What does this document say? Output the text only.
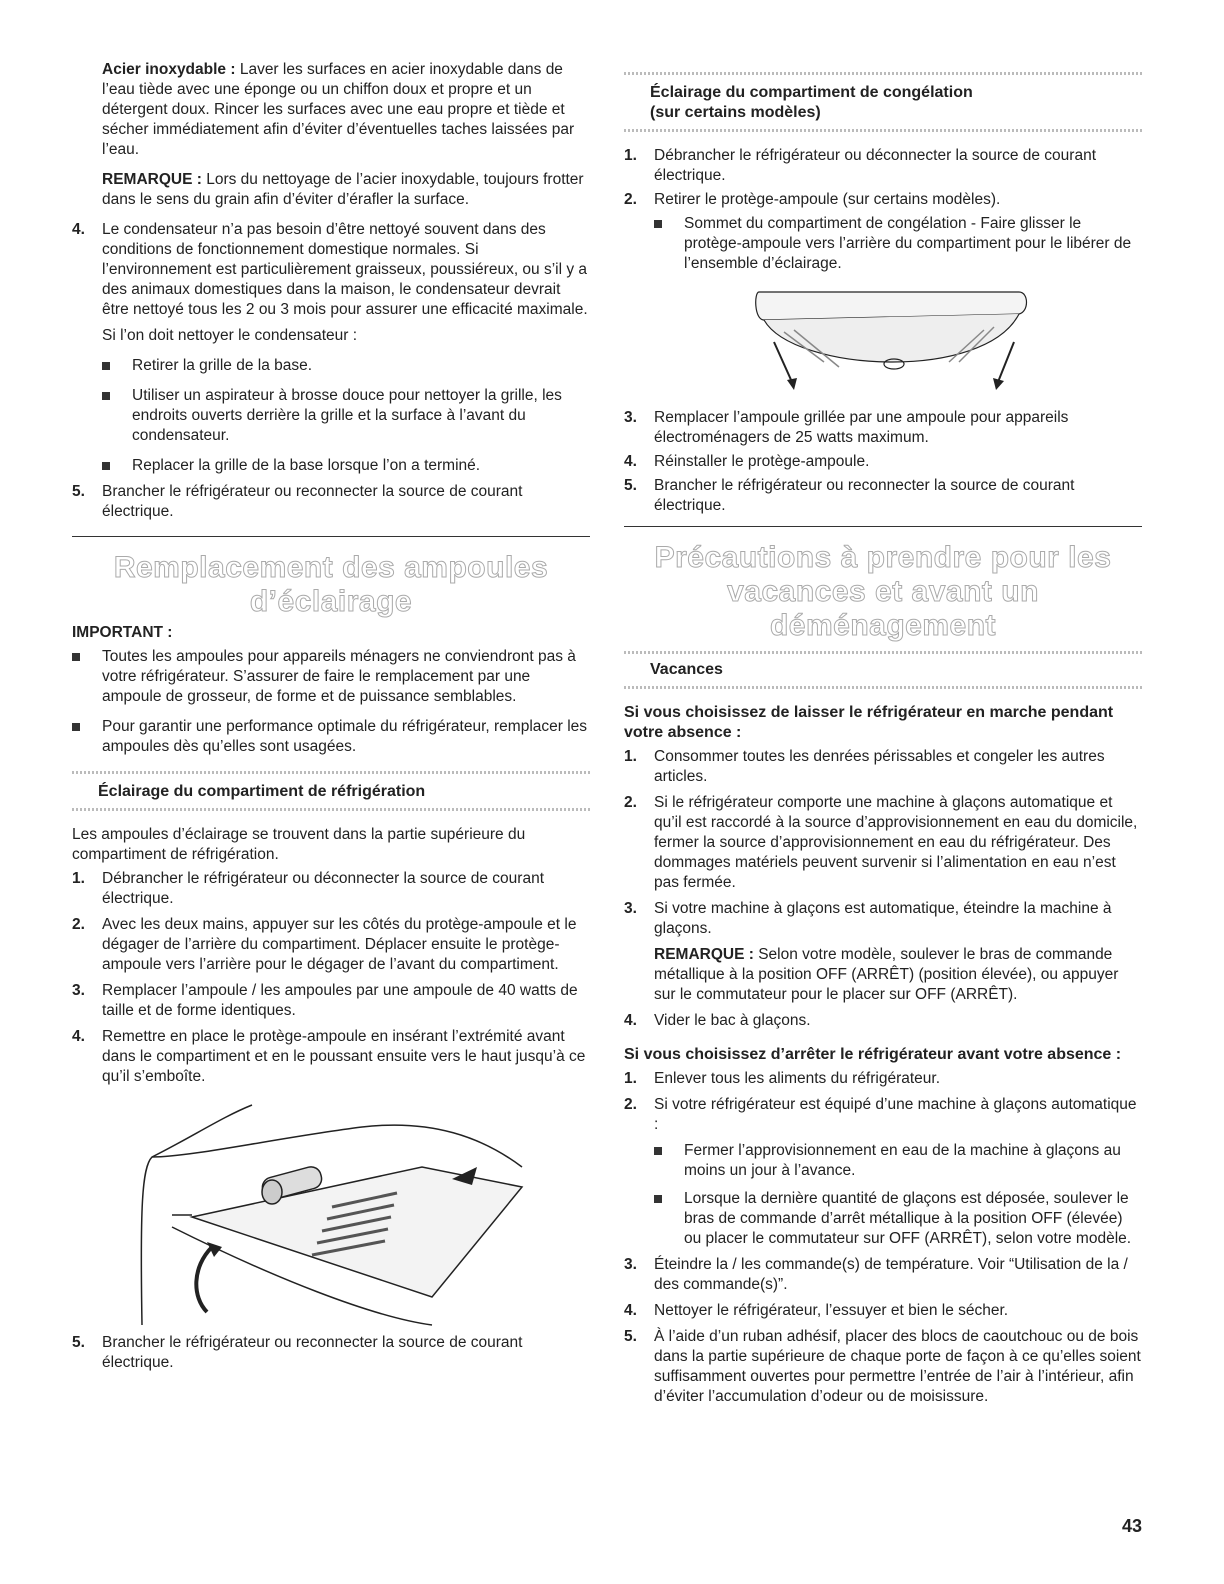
Acier inoxydable : Laver les surfaces en acier inoxydable dans de l’eau tiède avec une éponge ou un chiffon doux et propre et un détergent doux. Rincer les surfaces avec une eau propre et tiède et sécher immédiatement afin d’éviter d’éventuelles taches laissées par l’eau.

REMARQUE : Lors du nettoyage de l’acier inoxydable, toujours frotter dans le sens du grain afin d’éviter d’érafler la surface.

4. Le condensateur n’a pas besoin d’être nettoyé souvent dans des conditions de fonctionnement domestique normales. Si l’environnement est particulièrement graisseux, poussiéreux, ou s’il y a des animaux domestiques dans la maison, le condensateur devrait être nettoyé tous les 2 ou 3 mois pour assurer une efficacité maximale.

Si l’on doit nettoyer le condensateur :

Retirer la grille de la base.
Utiliser un aspirateur à brosse douce pour nettoyer la grille, les endroits ouverts derrière la grille et la surface à l’avant du condensateur.
Replacer la grille de la base lorsque l’on a terminé.
5. Brancher le réfrigérateur ou reconnecter la source de courant électrique.
Remplacement des ampoules d’éclairage

IMPORTANT :

Toutes les ampoules pour appareils ménagers ne conviendront pas à votre réfrigérateur. S’assurer de faire le remplacement par une ampoule de grosseur, de forme et de puissance semblables.
Pour garantir une performance optimale du réfrigérateur, remplacer les ampoules dès qu’elles sont usagées.

Éclairage du compartiment de réfrigération

Les ampoules d’éclairage se trouvent dans la partie supérieure du compartiment de réfrigération.

1. Débrancher le réfrigérateur ou déconnecter la source de courant électrique.
2. Avec les deux mains, appuyer sur les côtés du protège-ampoule et le dégager de l’arrière du compartiment. Déplacer ensuite le protège-ampoule vers l’arrière pour le dégager de l’avant du compartiment.
3. Remplacer l’ampoule / les ampoules par une ampoule de 40 watts de taille et de forme identiques.
4. Remettre en place le protège-ampoule en insérant l’extrémité avant dans le compartiment et en le poussant ensuite vers le haut jusqu’à ce qu’il s’emboîte.
5. Brancher le réfrigérateur ou reconnecter la source de courant électrique.

Éclairage du compartiment de congélation

(sur certains modèles)

1. Débrancher le réfrigérateur ou déconnecter la source de courant électrique.
2. Retirer le protège-ampoule (sur certains modèles).
Sommet du compartiment de congélation - Faire glisser le protège-ampoule vers l’arrière du compartiment pour le libérer de l’ensemble d’éclairage.
3. Remplacer l’ampoule grillée par une ampoule pour appareils électroménagers de 25 watts maximum.
4. Réinstaller le protège-ampoule.
5. Brancher le réfrigérateur ou reconnecter la source de courant électrique.
Précautions à prendre pour les vacances et avant un déménagement

Vacances

Si vous choisissez de laisser le réfrigérateur en marche pendant votre absence :

1. Consommer toutes les denrées périssables et congeler les autres articles.
2. Si le réfrigérateur comporte une machine à glaçons automatique et qu’il est raccordé à la source d’approvisionnement en eau du domicile, fermer la source d’approvisionnement en eau du réfrigérateur. Des dommages matériels peuvent survenir si l’alimentation en eau n’est pas fermée.
3. Si votre machine à glaçons est automatique, éteindre la machine à glaçons.

REMARQUE : Selon votre modèle, soulever le bras de commande métallique à la position OFF (ARRÊT) (position élevée), ou appuyer sur le commutateur pour le placer sur OFF (ARRÊT).

4. Vider le bac à glaçons.

Si vous choisissez d’arrêter le réfrigérateur avant votre absence :

1. Enlever tous les aliments du réfrigérateur.
2. Si votre réfrigérateur est équipé d’une machine à glaçons automatique :
Fermer l’approvisionnement en eau de la machine à glaçons au moins un jour à l’avance.
Lorsque la dernière quantité de glaçons est déposée, soulever le bras de commande d’arrêt métallique à la position OFF (élevée) ou placer le commutateur sur OFF (ARRÊT), selon votre modèle.
3. Éteindre la / les commande(s) de température. Voir “Utilisation de la / des commande(s)”.
4. Nettoyer le réfrigérateur, l’essuyer et bien le sécher.
5. À l’aide d’un ruban adhésif, placer des blocs de caoutchouc ou de bois dans la partie supérieure de chaque porte de façon à ce qu’elles soient suffisamment ouvertes pour permettre l’entrée de l’air à l’intérieur, afin d’éviter l’accumulation d’odeur ou de moisissure.
43
